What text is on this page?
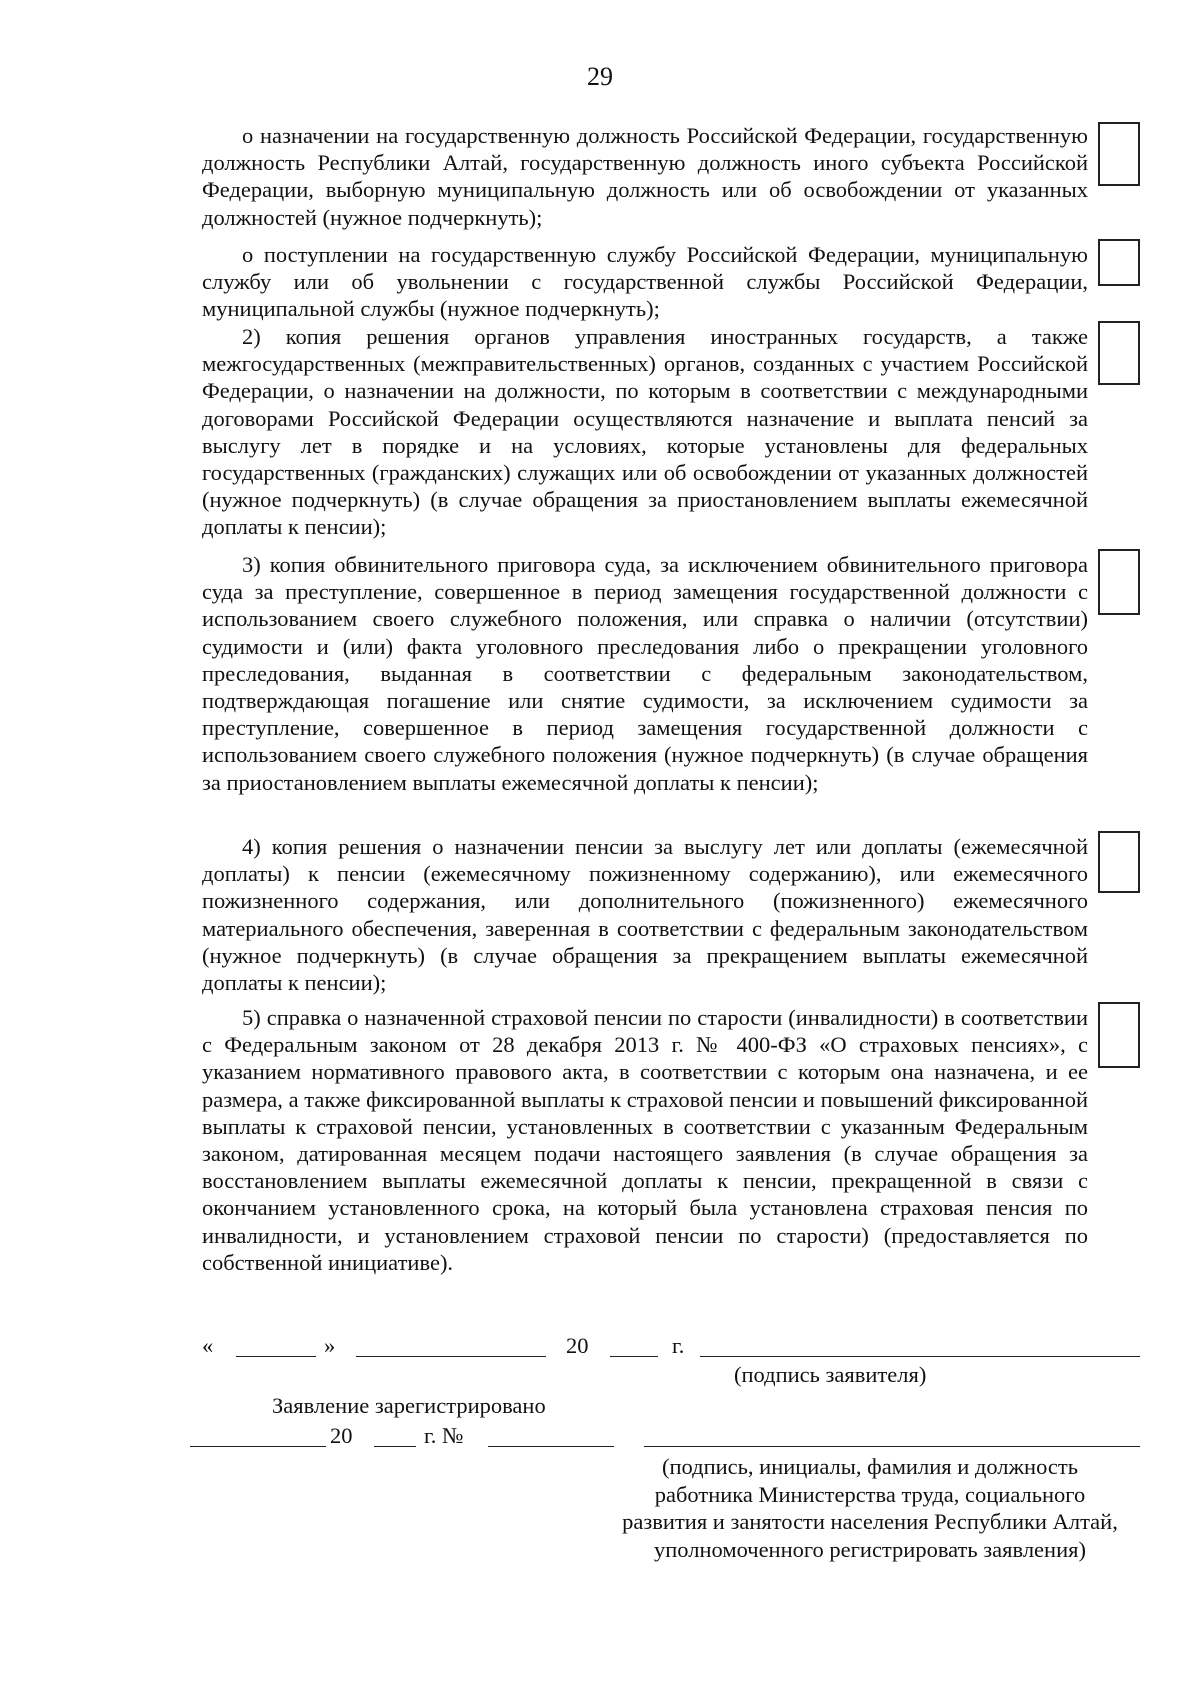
29

о назначении на государственную должность Российской Федерации, государственную должность Республики Алтай, государственную должность иного субъекта Российской Федерации, выборную муниципальную должность или об освобождении от указанных должностей (нужное подчеркнуть);

о поступлении на государственную службу Российской Федерации, муниципальную службу или об увольнении с государственной службы Российской Федерации, муниципальной службы (нужное подчеркнуть);

2) копия решения органов управления иностранных государств, а также межгосударственных (межправительственных) органов, созданных с участием Российской Федерации, о назначении на должности, по которым в соответствии с международными договорами Российской Федерации осуществляются назначение и выплата пенсий за выслугу лет в порядке и на условиях, которые установлены для федеральных государственных (гражданских) служащих или об освобождении от указанных должностей (нужное подчеркнуть) (в случае обращения за приостановлением выплаты ежемесячной доплаты к пенсии);

3) копия обвинительного приговора суда, за исключением обвинительного приговора суда за преступление, совершенное в период замещения государственной должности с использованием своего служебного положения, или справка о наличии (отсутствии) судимости и (или) факта уголовного преследования либо о прекращении уголовного преследования, выданная в соответствии с федеральным законодательством, подтверждающая погашение или снятие судимости, за исключением судимости за преступление, совершенное в период замещения государственной должности с использованием своего служебного положения (нужное подчеркнуть) (в случае обращения за приостановлением выплаты ежемесячной доплаты к пенсии);

4) копия решения о назначении пенсии за выслугу лет или доплаты (ежемесячной доплаты) к пенсии (ежемесячному пожизненному содержанию), или ежемесячного пожизненного содержания, или дополнительного (пожизненного) ежемесячного материального обеспечения, заверенная в соответствии с федеральным законодательством (нужное подчеркнуть) (в случае обращения за прекращением выплаты ежемесячной доплаты к пенсии);

5) справка о назначенной страховой пенсии по старости (инвалидности) в соответствии с Федеральным законом от 28 декабря 2013 г. № 400-ФЗ «О страховых пенсиях», с указанием нормативного правового акта, в соответствии с которым она назначена, и ее размера, а также фиксированной выплаты к страховой пенсии и повышений фиксированной выплаты к страховой пенсии, установленных в соответствии с указанным Федеральным законом, датированная месяцем подачи настоящего заявления (в случае обращения за восстановлением выплаты ежемесячной доплаты к пенсии, прекращенной в связи с окончанием установленного срока, на который была установлена страховая пенсия по инвалидности, и установлением страховой пенсии по старости) (предоставляется по собственной инициативе).

«	»	20	г.
(подпись заявителя)
Заявление зарегистрировано
20	г. №
(подпись, инициалы, фамилия и должность
работника Министерства труда, социального
развития и занятости населения Республики Алтай,
уполномоченного регистрировать заявления)
